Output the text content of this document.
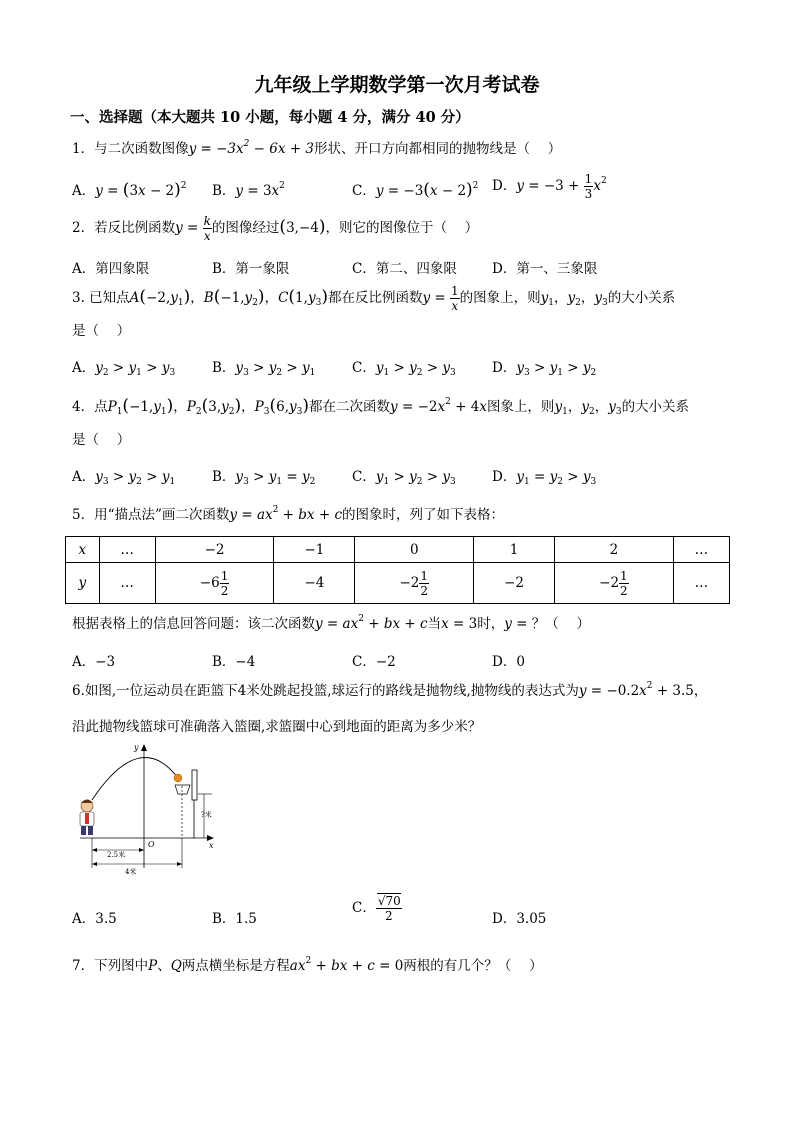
九年级上学期数学第一次月考试卷
一、选择题（本大题共 10 小题，每小题 4 分，满分 40 分）
1．与二次函数图像$y = -3x^2 - 6x + 3$形状、开口方向都相同的抛物线是（　 ）
A．$y = (3x - 2)^2$ B．$y = 3x^2$	C．$y = -3(x - 2)^2$ D．$y = -3 + \frac{1}{3} x^2$
2．若反比例函数$y = \frac{k}{x}$ 的图像经过(3,−4)，则它的图像位于（　 ）
A．第四象限	B．第一象限	C．第二、四象限	D．第一、三象限
3. 已知点$A(-2,y_1)$，$B(-1,y_2)$，$C(1,y_3)$都在反比例函数$y = \frac{1}{x}$ 的图象上，则$y_1$，$y_2$，$y_3$的大小关系
是（　 ）
A．$y_2 > y_1 > y_3$	B．$y_3 > y_2 > y_1$	C．$y_1 > y_2 > y_3$	D．$y_3 > y_1 > y_2$
4．点$P_1(-1,y_1)$，$P_2(3,y_2)$，$P_3(6,y_3)$都在二次函数$y = -2x^2 + 4x$图象上，则$y_1$，$y_2$，$y_3$的大小关系
是（　 ）
A．$y_3 > y_2 > y_1$	B．$y_3 > y_1 = y_2$	C．$y_1 > y_2 > y_3$	D．$y_1 = y_2 > y_3$
5．用“描点法”画二次函数$y = ax^2$ + bx + c的图象时，列了如下表格：
x	…	−2	−1	0	1	2	…
y	…	$-6 \frac{1}{2}$	−4	$-2 \frac{1}{2}$	−2	$-2 \frac{1}{2}$	…
根据表格上的信息回答问题：该二次函数$y = ax^2$ + bx + c当x = 3时，y = ？（　 ）
A．−3	B．−4	C．−2	D．0
6.如图,一位运动员在距篮下4米处跳起投篮,球运行的路线是抛物线,抛物线的表达式为$y = -0.2x^2 + 3.5$，
沿此抛物线篮球可准确落入篮圈,求篮圈中心到地面的距离为多少米？
y
x
O
?米
2.5米
4米
A．3.5	B．1.5
C． $\frac{√70}{2}$	D．3.05
7．下列图中P、Q两点横坐标是方程$ax^2$ + bx + c = 0两根的有几个？（　 ）
